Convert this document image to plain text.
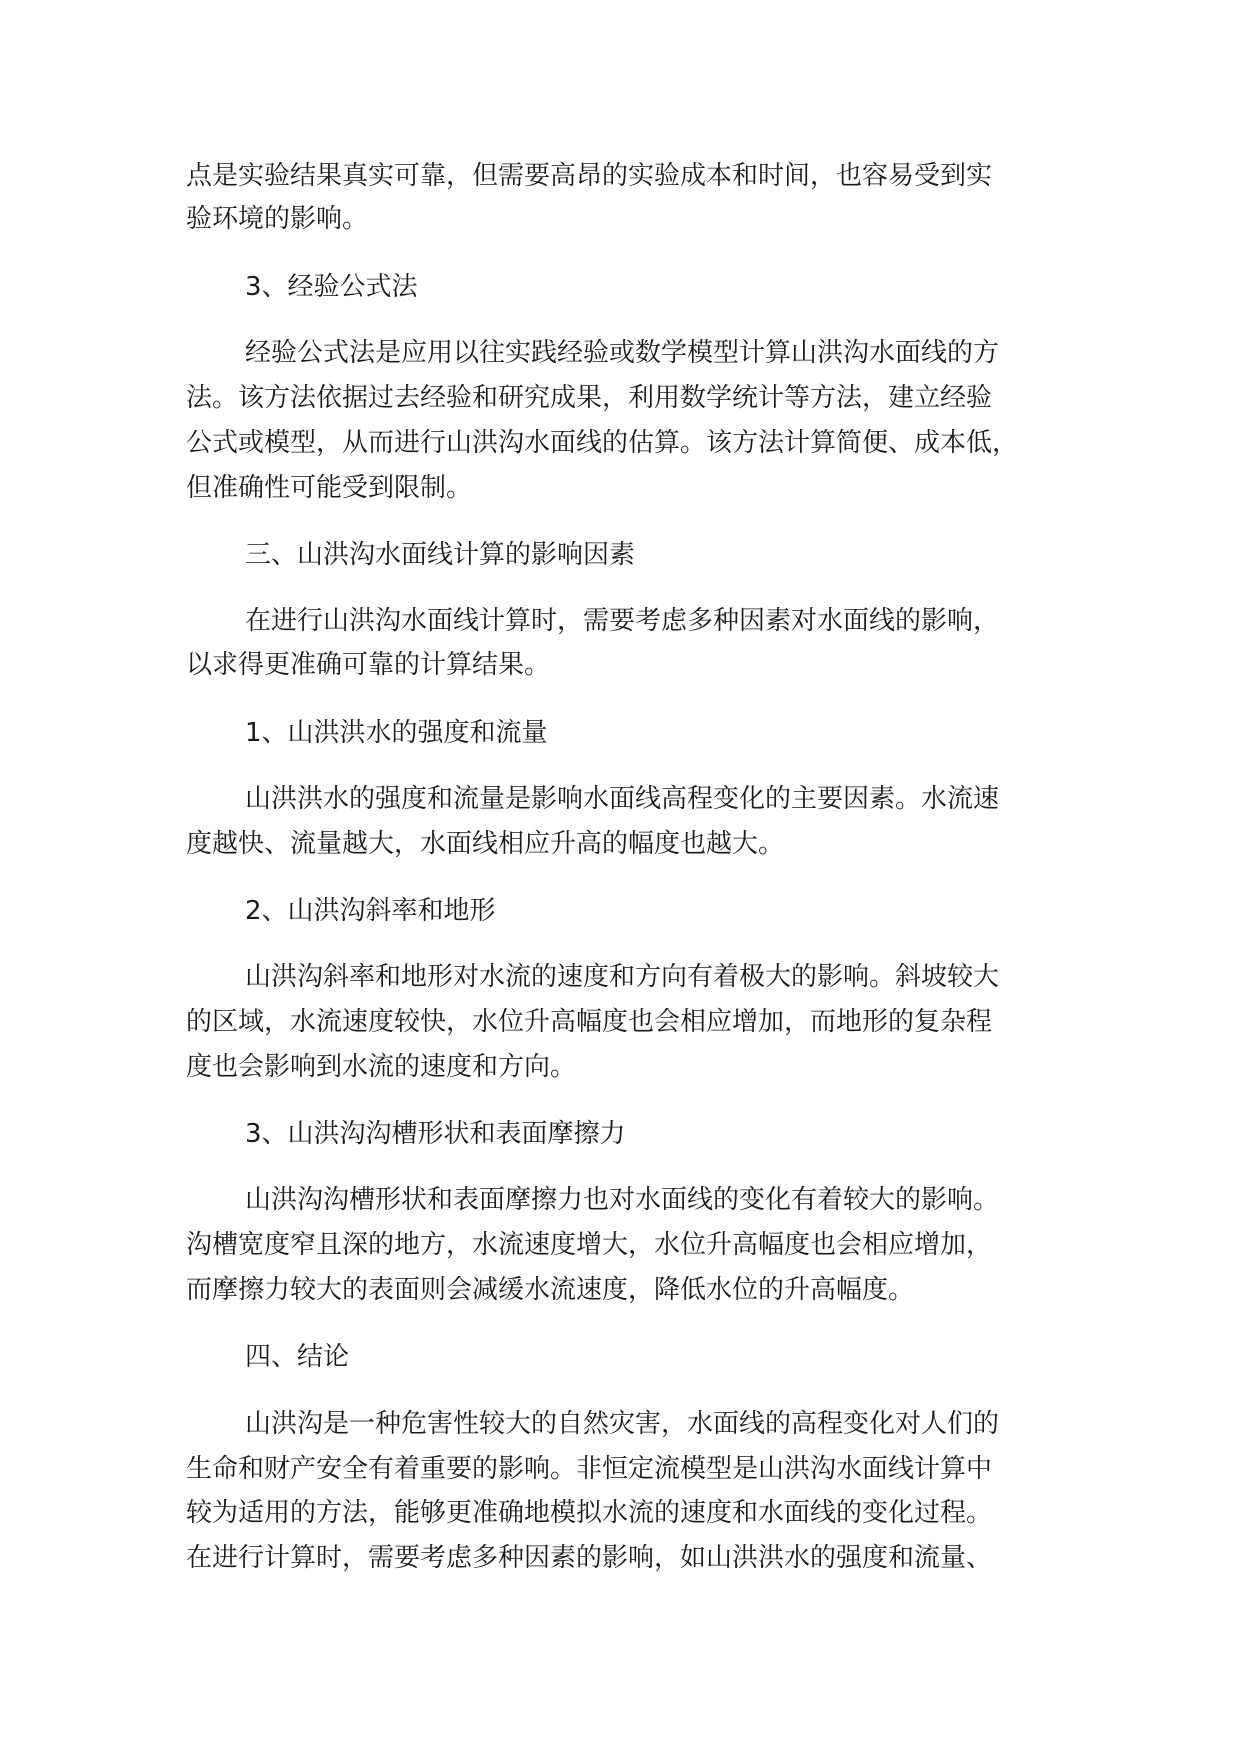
点是实验结果真实可靠，但需要高昂的实验成本和时间，也容易受到实
验环境的影响。
3、经验公式法
经验公式法是应用以往实践经验或数学模型计算山洪沟水面线的方
法。该方法依据过去经验和研究成果，利用数学统计等方法，建立经验
公式或模型，从而进行山洪沟水面线的估算。该方法计算简便、成本低，
但准确性可能受到限制。
三、山洪沟水面线计算的影响因素
在进行山洪沟水面线计算时，需要考虑多种因素对水面线的影响，
以求得更准确可靠的计算结果。
1、山洪洪水的强度和流量
山洪洪水的强度和流量是影响水面线高程变化的主要因素。水流速
度越快、流量越大，水面线相应升高的幅度也越大。
2、山洪沟斜率和地形
山洪沟斜率和地形对水流的速度和方向有着极大的影响。斜坡较大
的区域，水流速度较快，水位升高幅度也会相应增加，而地形的复杂程
度也会影响到水流的速度和方向。
3、山洪沟沟槽形状和表面摩擦力
山洪沟沟槽形状和表面摩擦力也对水面线的变化有着较大的影响。
沟槽宽度窄且深的地方，水流速度增大，水位升高幅度也会相应增加，
而摩擦力较大的表面则会减缓水流速度，降低水位的升高幅度。
四、结论
山洪沟是一种危害性较大的自然灾害，水面线的高程变化对人们的
生命和财产安全有着重要的影响。非恒定流模型是山洪沟水面线计算中
较为适用的方法，能够更准确地模拟水流的速度和水面线的变化过程。
在进行计算时，需要考虑多种因素的影响，如山洪洪水的强度和流量、
